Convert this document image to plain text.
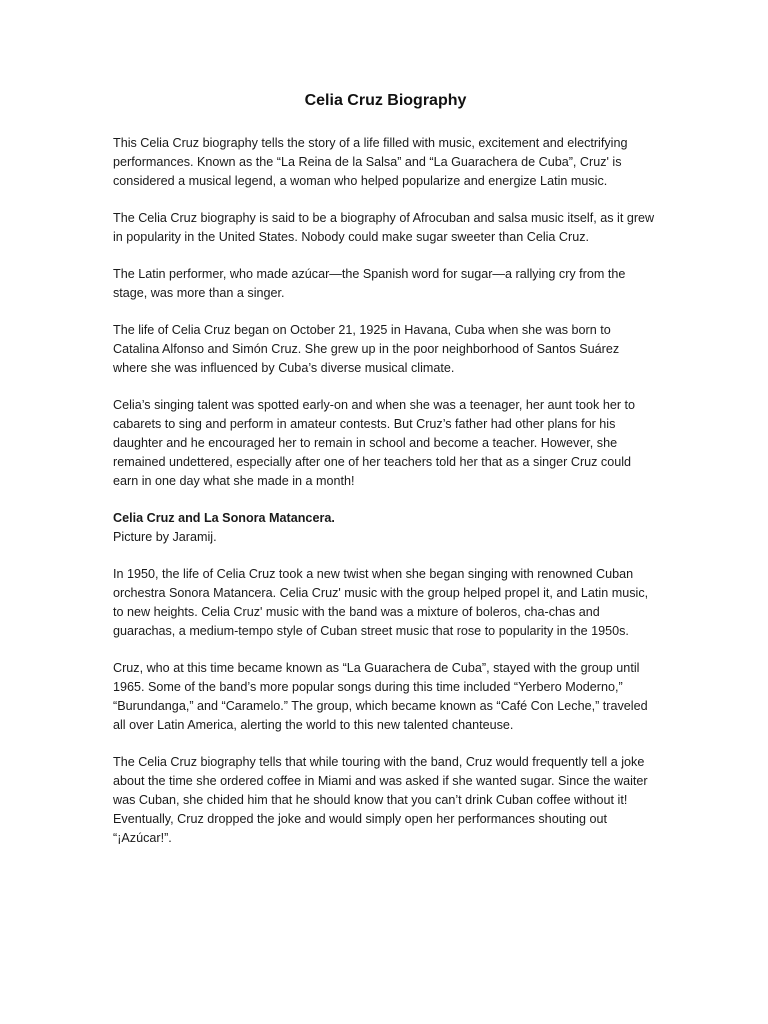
Celia Cruz Biography

This Celia Cruz biography tells the story of a life filled with music, excitement and electrifying
performances. Known as the “La Reina de la Salsa” and “La Guarachera de Cuba”, Cruz' is
considered a musical legend, a woman who helped popularize and energize Latin music.

The Celia Cruz biography is said to be a biography of Afrocuban and salsa music itself, as it grew
in popularity in the United States. Nobody could make sugar sweeter than Celia Cruz.

The Latin performer, who made azúcar—the Spanish word for sugar—a rallying cry from the
stage, was more than a singer.

The life of Celia Cruz began on October 21, 1925 in Havana, Cuba when she was born to
Catalina Alfonso and Simón Cruz. She grew up in the poor neighborhood of Santos Suárez
where she was influenced by Cuba’s diverse musical climate.

Celia’s singing talent was spotted early-on and when she was a teenager, her aunt took her to
cabarets to sing and perform in amateur contests. But Cruz’s father had other plans for his
daughter and he encouraged her to remain in school and become a teacher. However, she
remained undettered, especially after one of her teachers told her that as a singer Cruz could
earn in one day what she made in a month!

Celia Cruz and La Sonora Matancera.
Picture by Jaramij.

In 1950, the life of Celia Cruz took a new twist when she began singing with renowned Cuban
orchestra Sonora Matancera. Celia Cruz' music with the group helped propel it, and Latin music,
to new heights. Celia Cruz' music with the band was a mixture of boleros, cha-chas and
guarachas, a medium-tempo style of Cuban street music that rose to popularity in the 1950s.

Cruz, who at this time became known as “La Guarachera de Cuba”, stayed with the group until
1965. Some of the band’s more popular songs during this time included “Yerbero Moderno,”
“Burundanga,” and “Caramelo.” The group, which became known as “Café Con Leche,” traveled
all over Latin America, alerting the world to this new talented chanteuse.

The Celia Cruz biography tells that while touring with the band, Cruz would frequently tell a joke
about the time she ordered coffee in Miami and was asked if she wanted sugar. Since the waiter
was Cuban, she chided him that he should know that you can’t drink Cuban coffee without it!
Eventually, Cruz dropped the joke and would simply open her performances shouting out
“¡Azúcar!”.
